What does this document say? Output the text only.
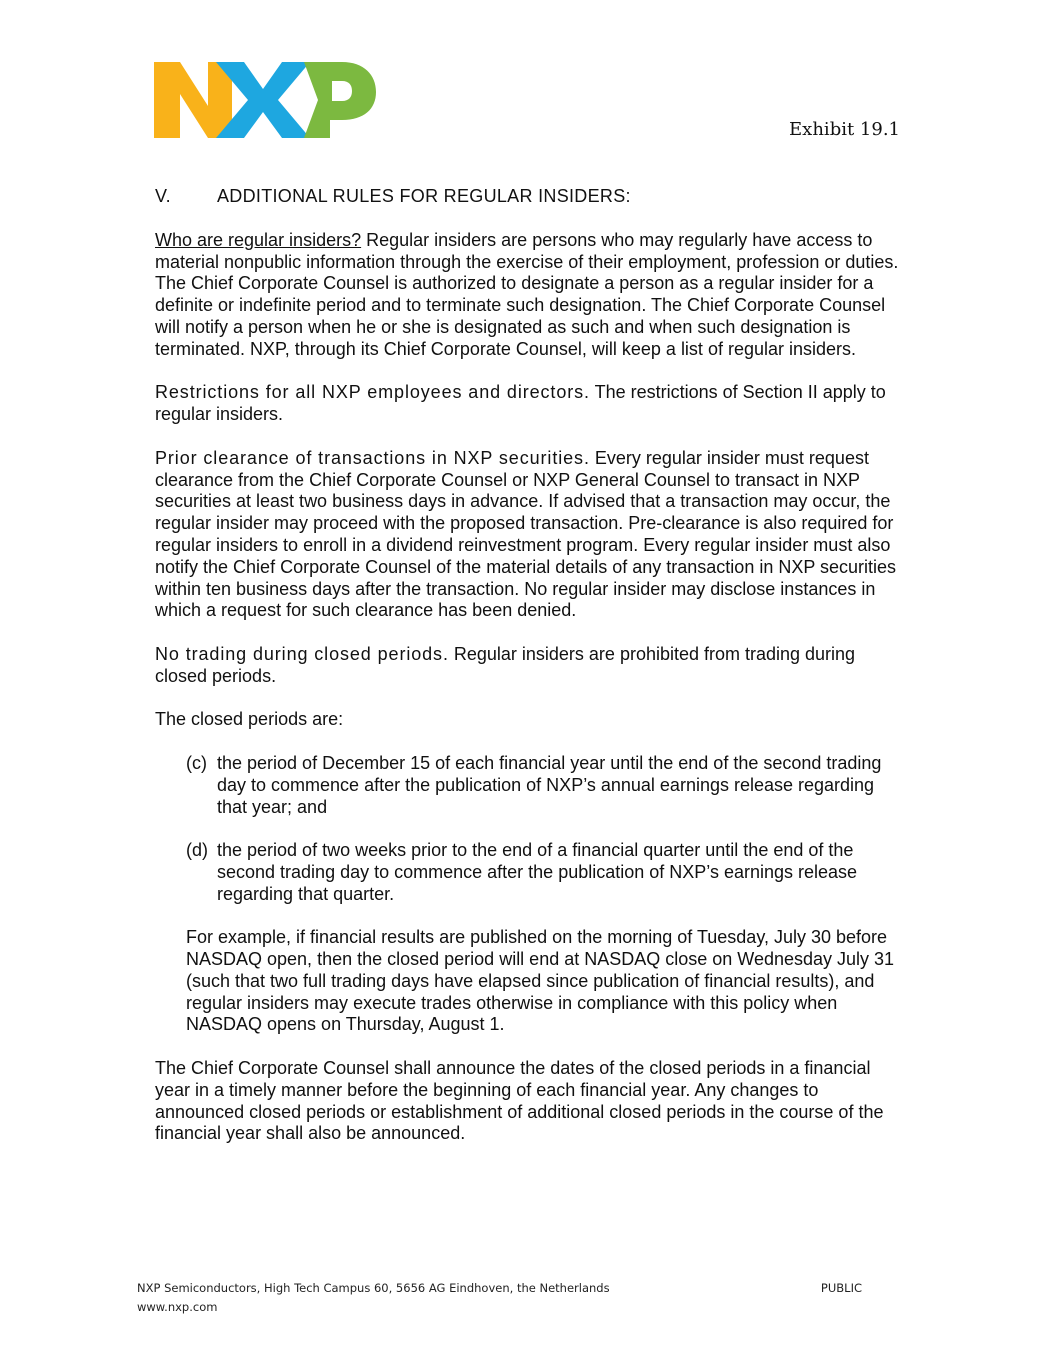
Exhibit 19.1

V.	ADDITIONAL RULES FOR REGULAR INSIDERS:

Who are regular insiders? Regular insiders are persons who may regularly have access to material nonpublic information through the exercise of their employment, profession or duties. The Chief Corporate Counsel is authorized to designate a person as a regular insider for a definite or indefinite period and to terminate such designation. The Chief Corporate Counsel will notify a person when he or she is designated as such and when such designation is terminated. NXP, through its Chief Corporate Counsel, will keep a list of regular insiders.

Restrictions for all NXP employees and directors. The restrictions of Section II apply to regular insiders.

Prior clearance of transactions in NXP securities. Every regular insider must request clearance from the Chief Corporate Counsel or NXP General Counsel to transact in NXP securities at least two business days in advance. If advised that a transaction may occur, the regular insider may proceed with the proposed transaction. Pre-clearance is also required for regular insiders to enroll in a dividend reinvestment program. Every regular insider must also notify the Chief Corporate Counsel of the material details of any transaction in NXP securities within ten business days after the transaction. No regular insider may disclose instances in which a request for such clearance has been denied.

No trading during closed periods. Regular insiders are prohibited from trading during closed periods.

The closed periods are:

(c) the period of December 15 of each financial year until the end of the second trading day to commence after the publication of NXP’s annual earnings release regarding that year; and
(d) the period of two weeks prior to the end of a financial quarter until the end of the second trading day to commence after the publication of NXP’s earnings release regarding that quarter.

For example, if financial results are published on the morning of Tuesday, July 30 before NASDAQ open, then the closed period will end at NASDAQ close on Wednesday July 31 (such that two full trading days have elapsed since publication of financial results), and regular insiders may execute trades otherwise in compliance with this policy when NASDAQ opens on Thursday, August 1.

The Chief Corporate Counsel shall announce the dates of the closed periods in a financial year in a timely manner before the beginning of each financial year. Any changes to announced closed periods or establishment of additional closed periods in the course of the financial year shall also be announced.

NXP Semiconductors, High Tech Campus 60, 5656 AG Eindhoven, the Netherlands	PUBLIC
www.nxp.com
